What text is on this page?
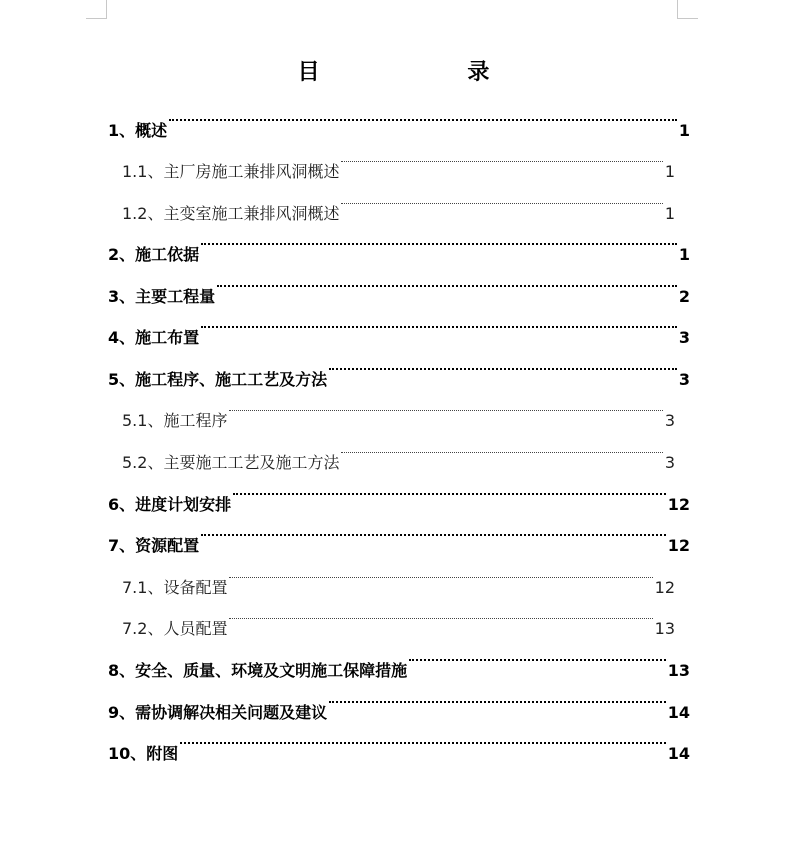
目 录
1、概述	1
1.1、主厂房施工兼排风洞概述	1
1.2、主变室施工兼排风洞概述	1
2、施工依据	1
3、主要工程量	2
4、施工布置	3
5、施工程序、施工工艺及方法	3
5.1、施工程序	3
5.2、主要施工工艺及施工方法	3
6、进度计划安排	12
7、资源配置	12
7.1、设备配置	12
7.2、人员配置	13
8、安全、质量、环境及文明施工保障措施	13
9、需协调解决相关问题及建议	14
10、附图	14
